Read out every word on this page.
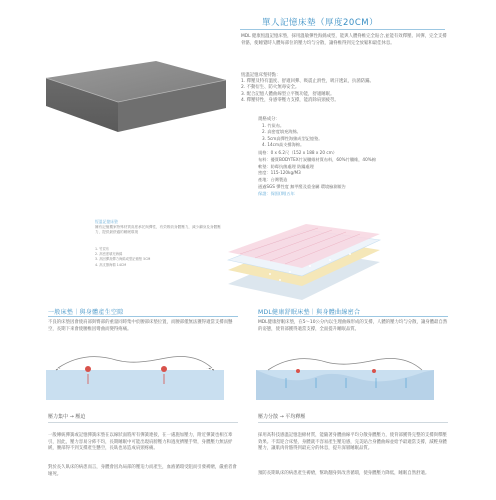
單人記憶床墊（厚度20CM）

MDL 健康恆溫記憶床墊，採用溫敏彈性海綿成型，能與人體脊椎完全貼合,並能有效釋壓、回彈，完全支撐骨骼，使睡覺時人體每部位的壓力均勻分散，讓脊椎得到完全放鬆和最佳休息。

恆溫記憶床墊特點：
1. 釋壓及特有溫度、舒適回彈、吸震止滑性，吸汗透氣，抗菌防蹣。
2. 不動衍生、防火無毒安全。
3. 配合記憶人體曲線型立平衡功能，舒適睡眠。
4. 釋壓特性，身感零壓力支撐，能消除肩頸疲勞。
規格成分：
1. 竹炭布。
2. 高密度填充海綿。
3. 5cm高彈性海綿成型記憶墊。
4. 14cm高支撐海棉。
規格：0 x 6.2尺（152 x 188 x 20 cm）
布料：優質BODYTEX竹炭纖維材質布料，60%竹纖維，40%棉
軟墊：防霉抗菌處理 防蹣處理
密度：115-120kg/M3
產地：台灣製造
通過SGS 彈性度 無甲醛及重金屬 環境檢測報告
保證：保固(期)五年
恆溫記憶床墊
擁有記憶獨家特殊材質高度承托與彈性，有效吸收身體壓力，減少翻身及身體壓力，提供最舒適的睡眠環境
1. 竹炭布
2. 高密度填充海綿
3. 高回彈高彈力海綿成型記憶墊 5CM
4. 高支撐海棉 14CM
一般床墊｜與身體產生空隙

不良的床墊因會使肩部與臀部的重量同時集中於腰部床墊位置，而腰部僅無法獲得適當支撐而懸空，長期下來會使腰椎因彎曲而變得疼痛。

壓力集中 → 壓迫

一般傳統彈簧或記憶彈簧床墊在以線狀面將所有彈簧連接，在一處施加壓力，附近彈簧也相互牽引，因此，壓力容易分佈不均，長期睡眠中可能出現肩膀壓力和過度擠壓手臂，身體壓力無法紓緩，腰部得不到支撐產生懸空，長臥也易造成肩頸疼痛。

對於長久臥床的病患而言，身體會因為局部的壓迫力而產生，血液循環受阻而引發褥瘡，嚴重者會壞死。

MDL健康舒眠床墊｜與身體曲線密合

MDL健康舒眠床墊，在5～10公分內以生理曲線形成的支撐，人體的壓力均勻分散，讓身體最自然的姿態，使背部獲得適當支撐，全面提升睡眠品質。

壓力分散 → 平均釋壓

採用高科技感溫記憶泡棉材質，能隨著身體曲線平均分散身體壓力，使背部獲得完整的支撐與釋壓效果。不需迎合床墊，身體就不容易產生壓迫感，完美貼合身體曲線並給予最適當支撐，減輕身體壓力，讓肌肉骨骼得到最充分的休息，提升深層睡眠品質。

預防長期臥床的病患產生褥瘡，幫助翻身與改善循環，使身體壓力降低，睡眠自然舒適。
